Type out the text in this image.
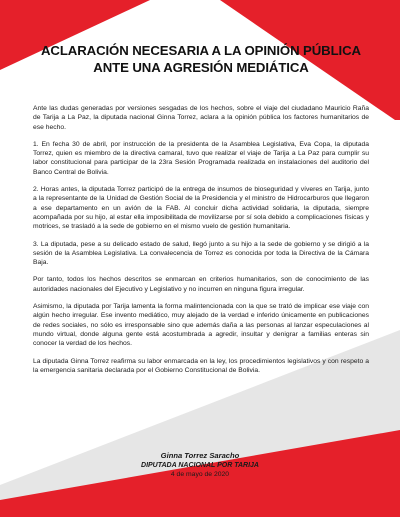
ACLARACIÓN NECESARIA A LA OPINIÓN PÚBLICA
ANTE UNA AGRESIÓN MEDIÁTICA

Ante las dudas generadas por versiones sesgadas de los hechos, sobre el viaje del ciudadano Mauricio Raña de Tarija a La Paz, la diputada nacional Ginna Torrez, aclara a la opinión pública los factores humanitarios de ese hecho.

1. En fecha 30 de abril, por instrucción de la presidenta de la Asamblea Legislativa, Eva Copa, la diputada Torrez, quien es miembro de la directiva camaral, tuvo que realizar el viaje de Tarija a La Paz para cumplir su labor constitucional para participar de la 23ra Sesión Programada realizada en instalaciones del auditorio del Banco Central de Bolivia.

2. Horas antes, la diputada Torrez participó de la entrega de insumos de bioseguridad y víveres en Tarija, junto a la representante de la Unidad de Gestión Social de la Presidencia y el ministro de Hidrocarburos que llegaron a ese departamento en un avión de la FAB. Al concluir dicha actividad solidaria, la diputada, siempre acompañada por su hijo, al estar ella imposibilitada de movilizarse por sí sola debido a complicaciones físicas y motrices, se trasladó a la sede de gobierno en el mismo vuelo de gestión humanitaria.

3. La diputada, pese a su delicado estado de salud, llegó junto a su hijo a la sede de gobierno y se dirigió a la sesión de la Asamblea Legislativa. La convalecencia de Torrez es conocida por toda la Directiva de la Cámara Baja.

Por tanto, todos los hechos descritos se enmarcan en criterios humanitarios, son de conocimiento de las autoridades nacionales del Ejecutivo y Legislativo y no incurren en ninguna figura irregular.

Asimismo, la diputada por Tarija lamenta la forma malintencionada con la que se trató de implicar ese viaje con algún hecho irregular. Ese invento mediático, muy alejado de la verdad e inferido únicamente en publicaciones de redes sociales, no sólo es irresponsable sino que además daña a las personas al lanzar especulaciones al mundo virtual, donde alguna gente está acostumbrada a agredir, insultar y denigrar a familias enteras sin conocer la verdad de los hechos.

La diputada Ginna Torrez reafirma su labor enmarcada en la ley, los procedimientos legislativos y con respeto a la emergencia sanitaria declarada por el Gobierno Constitucional de Bolivia.

Ginna Torrez Saracho
DIPUTADA NACIONAL POR TARIJA
4 de mayo de 2020
